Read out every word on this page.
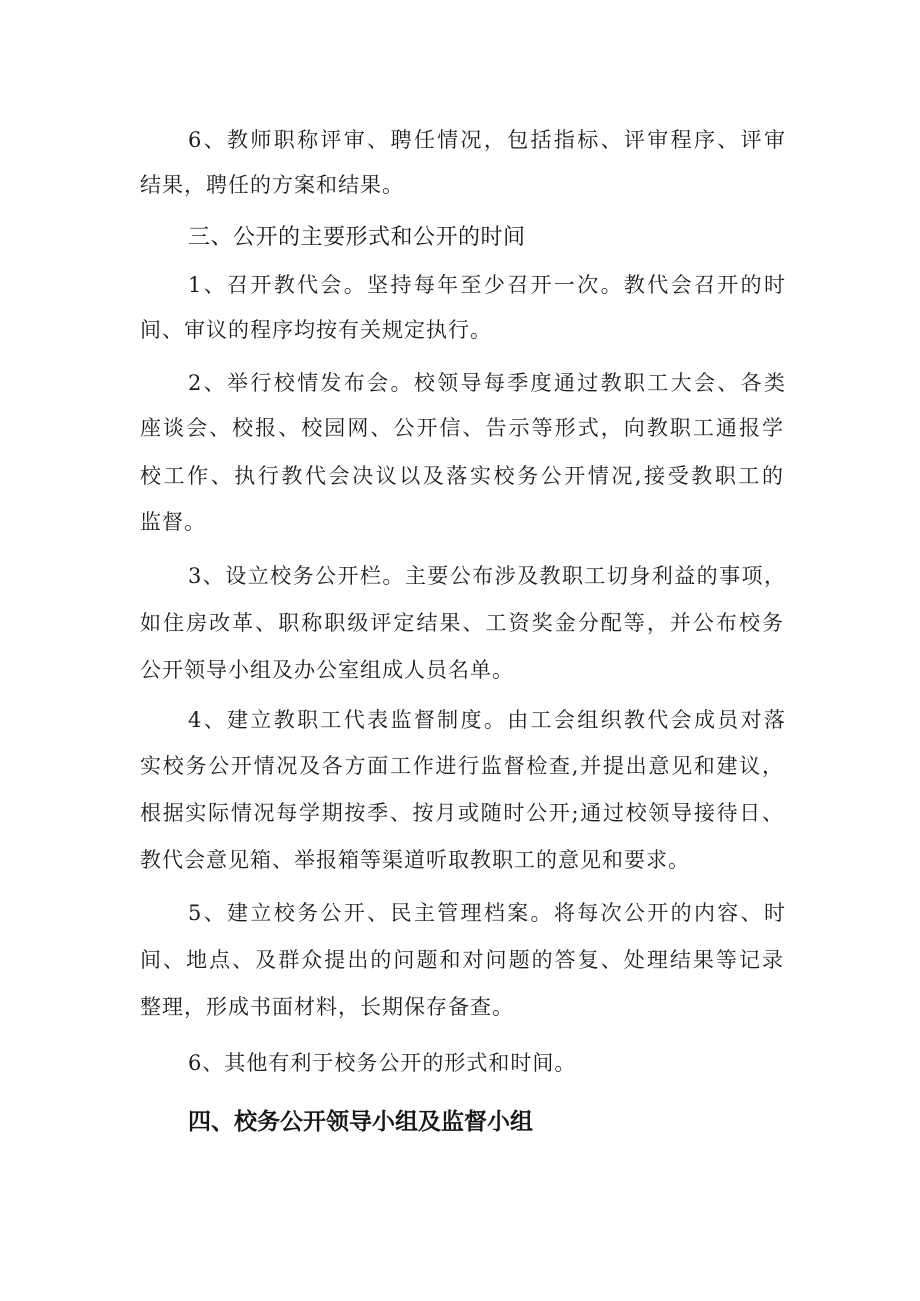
6、教师职称评审、聘任情况，包括指标、评审程序、评审
结果，聘任的方案和结果。
三、公开的主要形式和公开的时间
1、召开教代会。坚持每年至少召开一次。教代会召开的时
间、审议的程序均按有关规定执行。
2、举行校情发布会。校领导每季度通过教职工大会、各类
座谈会、校报、校园网、公开信、告示等形式，向教职工通报学
校工作、执行教代会决议以及落实校务公开情况,接受教职工的
监督。
3、设立校务公开栏。主要公布涉及教职工切身利益的事项，
如住房改革、职称职级评定结果、工资奖金分配等，并公布校务
公开领导小组及办公室组成人员名单。
4、建立教职工代表监督制度。由工会组织教代会成员对落
实校务公开情况及各方面工作进行监督检查,并提出意见和建议，
根据实际情况每学期按季、按月或随时公开;通过校领导接待日、
教代会意见箱、举报箱等渠道听取教职工的意见和要求。
5、建立校务公开、民主管理档案。将每次公开的内容、时
间、地点、及群众提出的问题和对问题的答复、处理结果等记录
整理，形成书面材料，长期保存备查。
6、其他有利于校务公开的形式和时间。
四、校务公开领导小组及监督小组
